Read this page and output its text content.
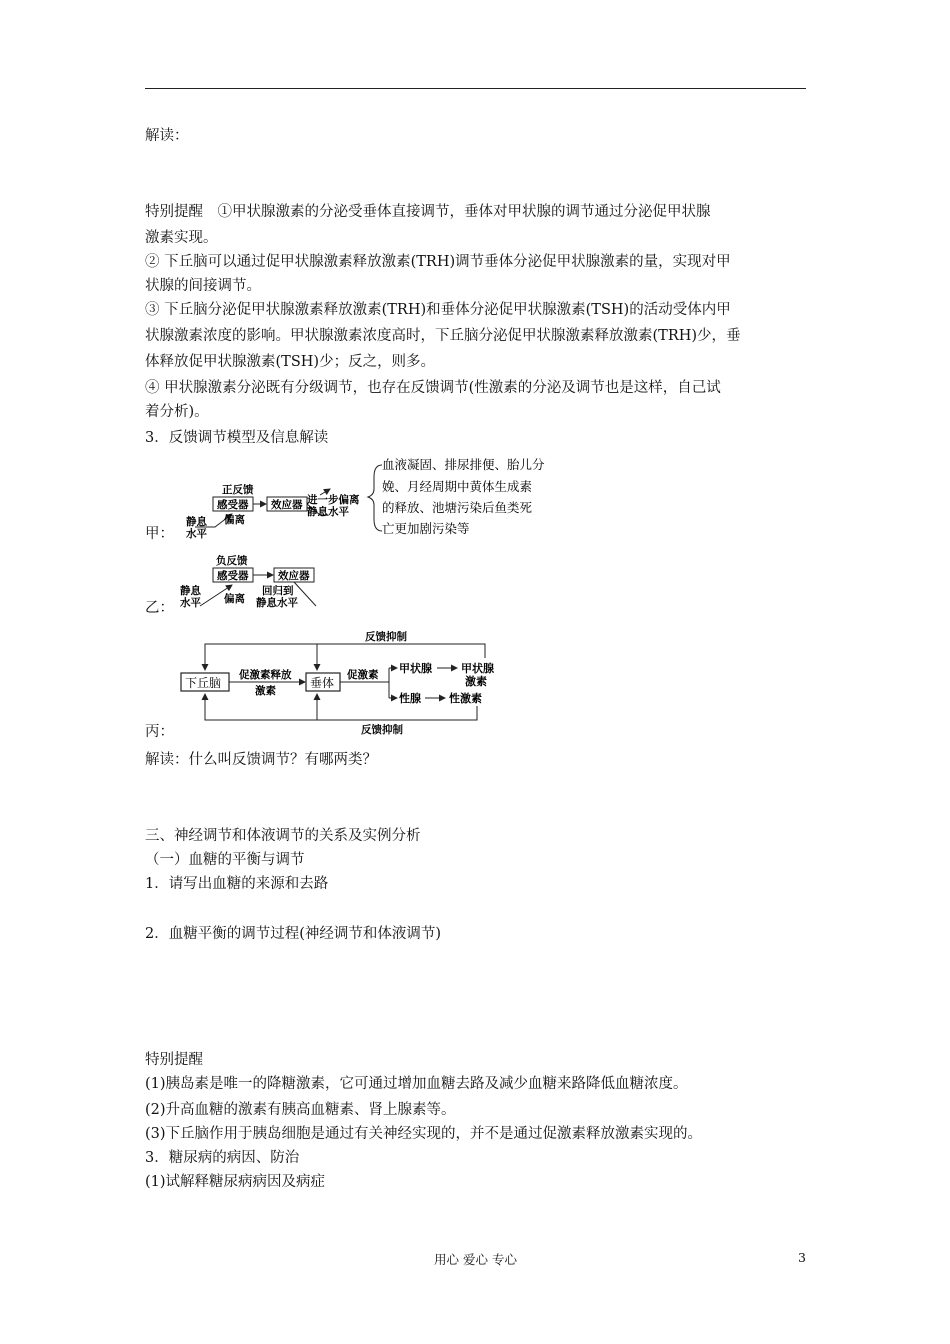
解读：
特别提醒　①甲状腺激素的分泌受垂体直接调节，垂体对甲状腺的调节通过分泌促甲状腺
激素实现。
② 下丘脑可以通过促甲状腺激素释放激素(TRH)调节垂体分泌促甲状腺激素的量，实现对甲
状腺的间接调节。
③ 下丘脑分泌促甲状腺激素释放激素(TRH)和垂体分泌促甲状腺激素(TSH)的活动受体内甲
状腺激素浓度的影响。甲状腺激素浓度高时，下丘脑分泌促甲状腺激素释放激素(TRH)少，垂
体释放促甲状腺激素(TSH)少；反之，则多。
④ 甲状腺激素分泌既有分级调节，也存在反馈调节(性激素的分泌及调节也是这样，自己试
着分析)。
3．反馈调节模型及信息解读
甲：
正反馈
感受器 效应器
偏离
静息
水平
进一步偏离
静息水平
血液凝固、排尿排便、胎儿分
娩、月经周期中黄体生成素
的释放、池塘污染后鱼类死
亡更加剧污染等
乙：
负反馈
感受器	效应器
偏离
静息
水平
回归到
静息水平
丙：
反馈抑制
下丘脑
促激素释放
激素
垂体
促激素 甲状腺	甲状腺
激素
性腺	性激素
反馈抑制
解读：什么叫反馈调节？有哪两类？
三、神经调节和体液调节的关系及实例分析
（一）血糖的平衡与调节
1．请写出血糖的来源和去路
2．血糖平衡的调节过程(神经调节和体液调节)
特别提醒
(1)胰岛素是唯一的降糖激素，它可通过增加血糖去路及减少血糖来路降低血糖浓度。
(2)升高血糖的激素有胰高血糖素、肾上腺素等。
(3)下丘脑作用于胰岛细胞是通过有关神经实现的，并不是通过促激素释放激素实现的。
3．糖尿病的病因、防治
(1)试解释糖尿病病因及病症
用心 爱心 专心	3
